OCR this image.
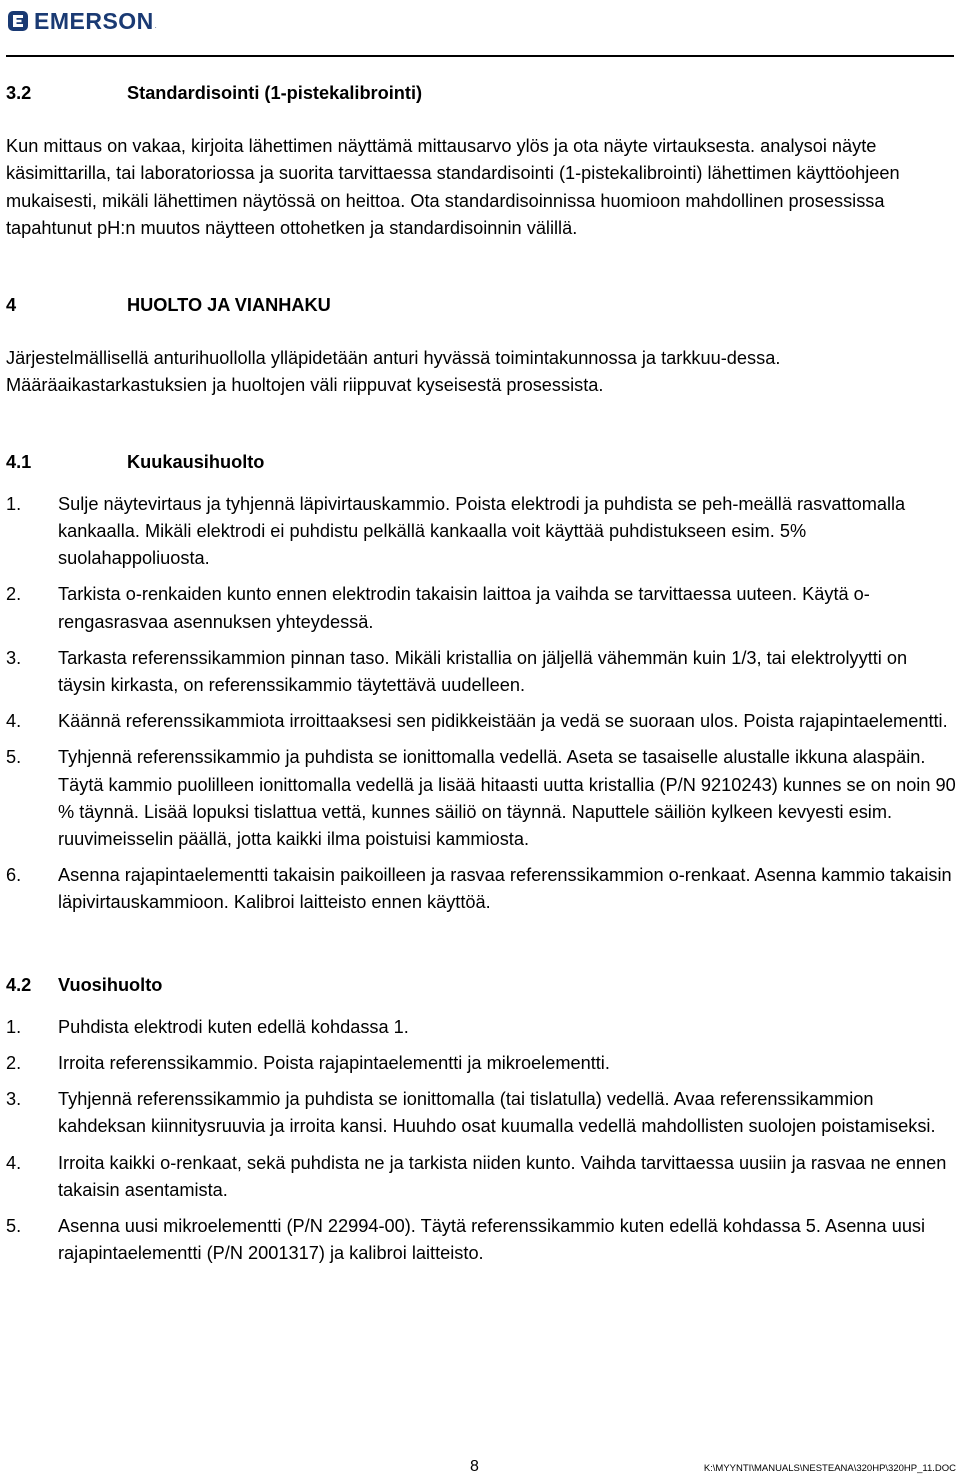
EMERSON .
3.2	Standardisointi (1-pistekalibrointi)

Kun mittaus on vakaa, kirjoita lähettimen näyttämä mittausarvo ylös ja ota näyte virtauksesta. analysoi näyte käsimittarilla, tai laboratoriossa ja suorita tarvittaessa standardisointi (1-pistekalibrointi) lähettimen käyttöohjeen mukaisesti, mikäli lähettimen näytössä on heittoa. Ota standardisoinnissa huomioon mahdollinen prosessissa tapahtunut pH:n muutos näytteen ottohetken ja standardisoinnin välillä.

4	HUOLTO JA VIANHAKU

Järjestelmällisellä anturihuollolla ylläpidetään anturi hyvässä toimintakunnossa ja tarkkuu-dessa. Määräaikastarkastuksien ja huoltojen väli riippuvat kyseisestä prosessista.

4.1	Kuukausihuolto
1.	Sulje näytevirtaus ja tyhjennä läpivirtauskammio. Poista elektrodi ja puhdista se peh-meällä rasvattomalla kankaalla. Mikäli elektrodi ei puhdistu pelkällä kankaalla voit käyttää puhdistukseen esim. 5% suolahappoliuosta.
2.	Tarkista o-renkaiden kunto ennen elektrodin takaisin laittoa ja vaihda se tarvittaessa uuteen. Käytä o-rengasrasvaa asennuksen yhteydessä.
3.	Tarkasta referenssikammion pinnan taso. Mikäli kristallia on jäljellä vähemmän kuin 1/3, tai elektrolyytti on täysin kirkasta, on referenssikammio täytettävä uudelleen.
4.	Käännä referenssikammiota irroittaaksesi sen pidikkeistään ja vedä se suoraan ulos. Poista rajapintaelementti.
5.	Tyhjennä referenssikammio ja puhdista se ionittomalla vedellä. Aseta se tasaiselle alustalle ikkuna alaspäin. Täytä kammio puolilleen ionittomalla vedellä ja lisää hitaasti uutta kristallia (P/N 9210243) kunnes se on noin 90 % täynnä. Lisää lopuksi tislattua vettä, kunnes säiliö on täynnä. Naputtele säiliön kylkeen kevyesti esim. ruuvimeisselin päällä, jotta kaikki ilma poistuisi kammiosta.
6.	Asenna rajapintaelementti takaisin paikoilleen ja rasvaa referenssikammion o-renkaat. Asenna kammio takaisin läpivirtauskammioon. Kalibroi laitteisto ennen käyttöä.
4.2	Vuosihuolto
1.	Puhdista elektrodi kuten edellä kohdassa 1.
2.	Irroita referenssikammio. Poista rajapintaelementti ja mikroelementti.
3.	Tyhjennä referenssikammio ja puhdista se ionittomalla (tai tislatulla) vedellä. Avaa referenssikammion kahdeksan kiinnitysruuvia ja irroita kansi. Huuhdo osat kuumalla vedellä mahdollisten suolojen poistamiseksi.
4.	Irroita kaikki o-renkaat, sekä puhdista ne ja tarkista niiden kunto. Vaihda tarvittaessa uusiin ja rasvaa ne ennen takaisin asentamista.
5.	Asenna uusi mikroelementti (P/N 22994-00). Täytä referenssikammio kuten edellä kohdassa 5. Asenna uusi rajapintaelementti (P/N 2001317) ja kalibroi laitteisto.
8	K:\MYYNTI\MANUALS\NESTEANA\320HP\320HP_11.DOC
